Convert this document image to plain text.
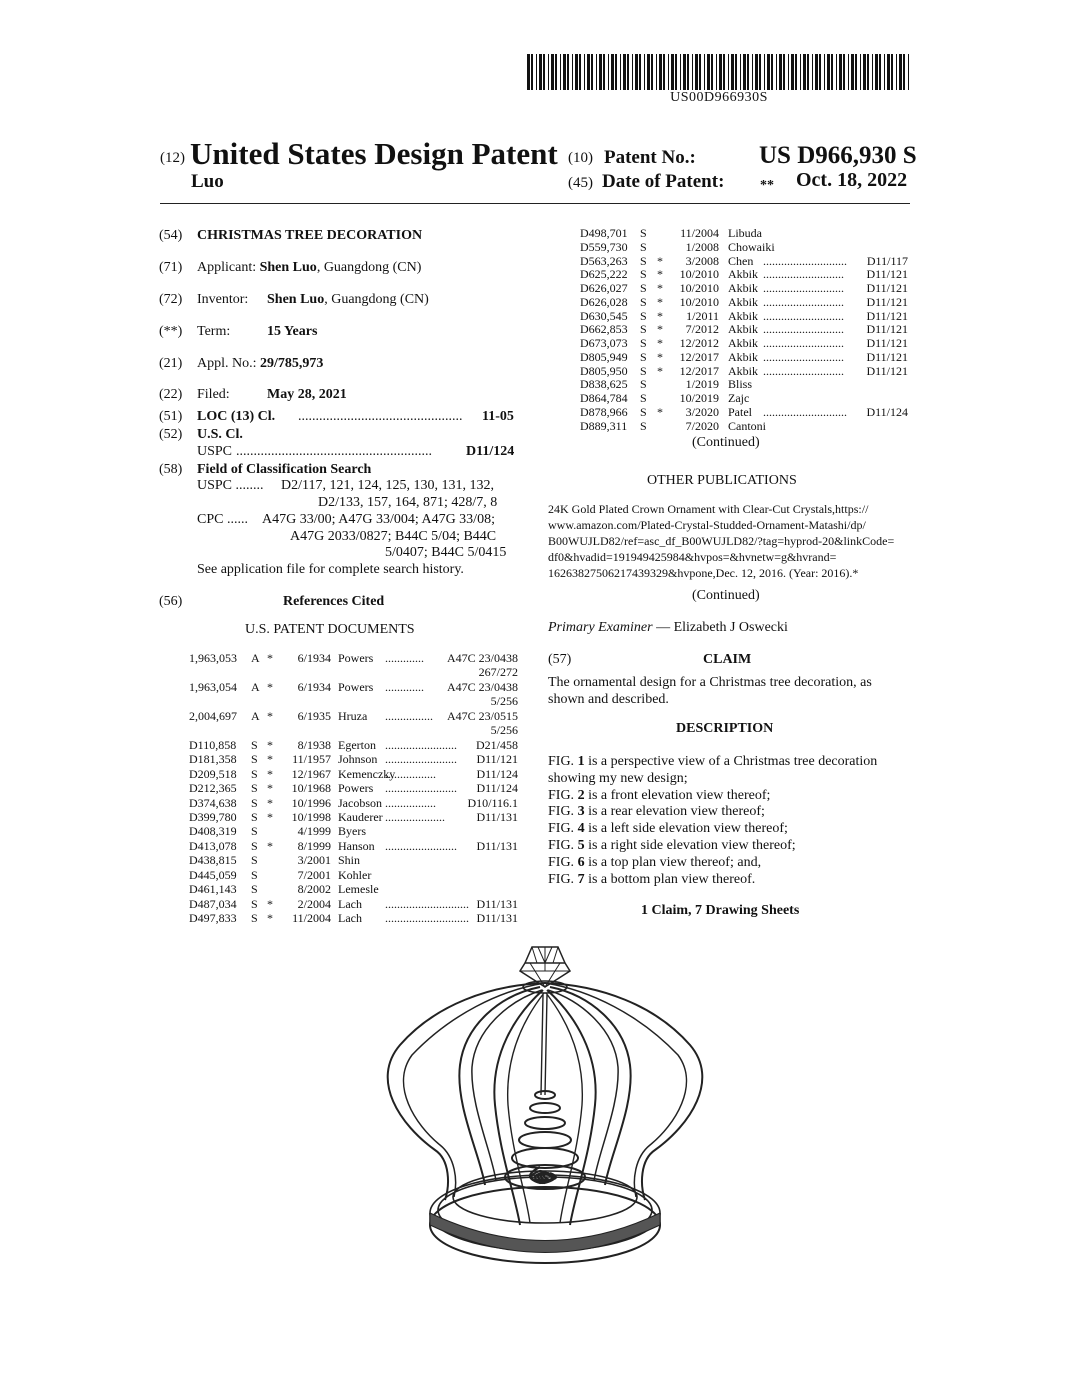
US00D966930S
(12) United States Design Patent
Luo
(10) Patent No.:	US D966,930 S
(45) Date of Patent:	** Oct. 18, 2022
(54) CHRISTMAS TREE DECORATION
(71) Applicant: Shen Luo, Guangdong (CN)
(72) Inventor: Shen Luo, Guangdong (CN)
(**) Term:	15 Years
(21) Appl. No.: 29/785,973
(22) Filed:	May 28, 2021
(51) LOC (13) Cl. ...............................................	11-05
(52) U.S. Cl.
USPC ........................................................	D11/124
(58) Field of Classification Search
USPC ........ D2/117, 121, 124, 125, 130, 131, 132,
D2/133, 157, 164, 871; 428/7, 8
CPC ...... A47G 33/00; A47G 33/004; A47G 33/08;
A47G 2033/0827; B44C 5/04; B44C
5/0407; B44C 5/0415
See application file for complete search history.
(56)	References Cited
U.S. PATENT DOCUMENTS
1,963,053 A * 6/1934 Powers .............	A47C 23/0438
267/272
1,963,054 A * 6/1934 Powers .............	A47C 23/0438
5/256
2,004,697 A * 6/1935 Hruza ................	A47C 23/0515
5/256
D110,858 S * 8/1938 Egerton ........................ D21/458
D181,358 S * 11/1957 Johnson ........................ D11/121
D209,518 S * 12/1967 Kemenczky
.................	D11/124
D212,365 S * 10/1968 Powers ........................ D11/124
D374,638 S * 10/1996 Jacobson .................	D10/116.1
D399,780 S * 10/1998 Kauderer ....................	D11/131
D408,319 S	4/1999 Byers
D413,078 S * 8/1999 Hanson ........................ D11/131
D438,815 S	3/2001 Shin
D445,059 S	7/2001 Kohler
D461,143 S	8/2002 Lemesle
D487,034 S * 2/2004 Lach ............................ D11/131
D497,833 S * 11/2004 Lach ............................ D11/131
D498,701 S	11/2004 Libuda
D559,730 S	1/2008 Chowaiki
D563,263 S * 3/2008 Chen ............................	D11/117
D625,222 S * 10/2010 Akbik ...........................	D11/121
D626,027 S * 10/2010 Akbik ...........................	D11/121
D626,028 S * 10/2010 Akbik ...........................	D11/121
D630,545 S * 1/2011 Akbik ...........................	D11/121
D662,853 S * 7/2012 Akbik ...........................	D11/121
D673,073 S * 12/2012 Akbik ...........................	D11/121
D805,949 S * 12/2017 Akbik ...........................	D11/121
D805,950 S * 12/2017 Akbik ...........................	D11/121
D838,625 S	1/2019 Bliss
D864,784 S	10/2019 Zajc
D878,966 S * 3/2020 Patel ............................	D11/124
D889,311 S	7/2020 Cantoni
(Continued)
OTHER PUBLICATIONS
24K Gold Plated Crown Ornament with Clear-Cut Crystals,https://
www.amazon.com/Plated-Crystal-Studded-Ornament-Matashi/dp/
B00WUJLD82/ref=asc_df_B00WUJLD82/?tag=hyprod-20&linkCode=
df0&hvadid=191949425984&hvpos=&hvnetw=g&hvrand=
16263827506217439329&hvpone,Dec. 12, 2016. (Year: 2016).*
(Continued)
Primary Examiner — Elizabeth J Oswecki
(57)	CLAIM
The ornamental design for a Christmas tree decoration, as
shown and described.
DESCRIPTION
FIG. 1 is a perspective view of a Christmas tree decoration
showing my new design;
FIG. 2 is a front elevation view thereof;
FIG. 3 is a rear elevation view thereof;
FIG. 4 is a left side elevation view thereof;
FIG. 5 is a right side elevation view thereof;
FIG. 6 is a top plan view thereof; and,
FIG. 7 is a bottom plan view thereof.
1 Claim, 7 Drawing Sheets
